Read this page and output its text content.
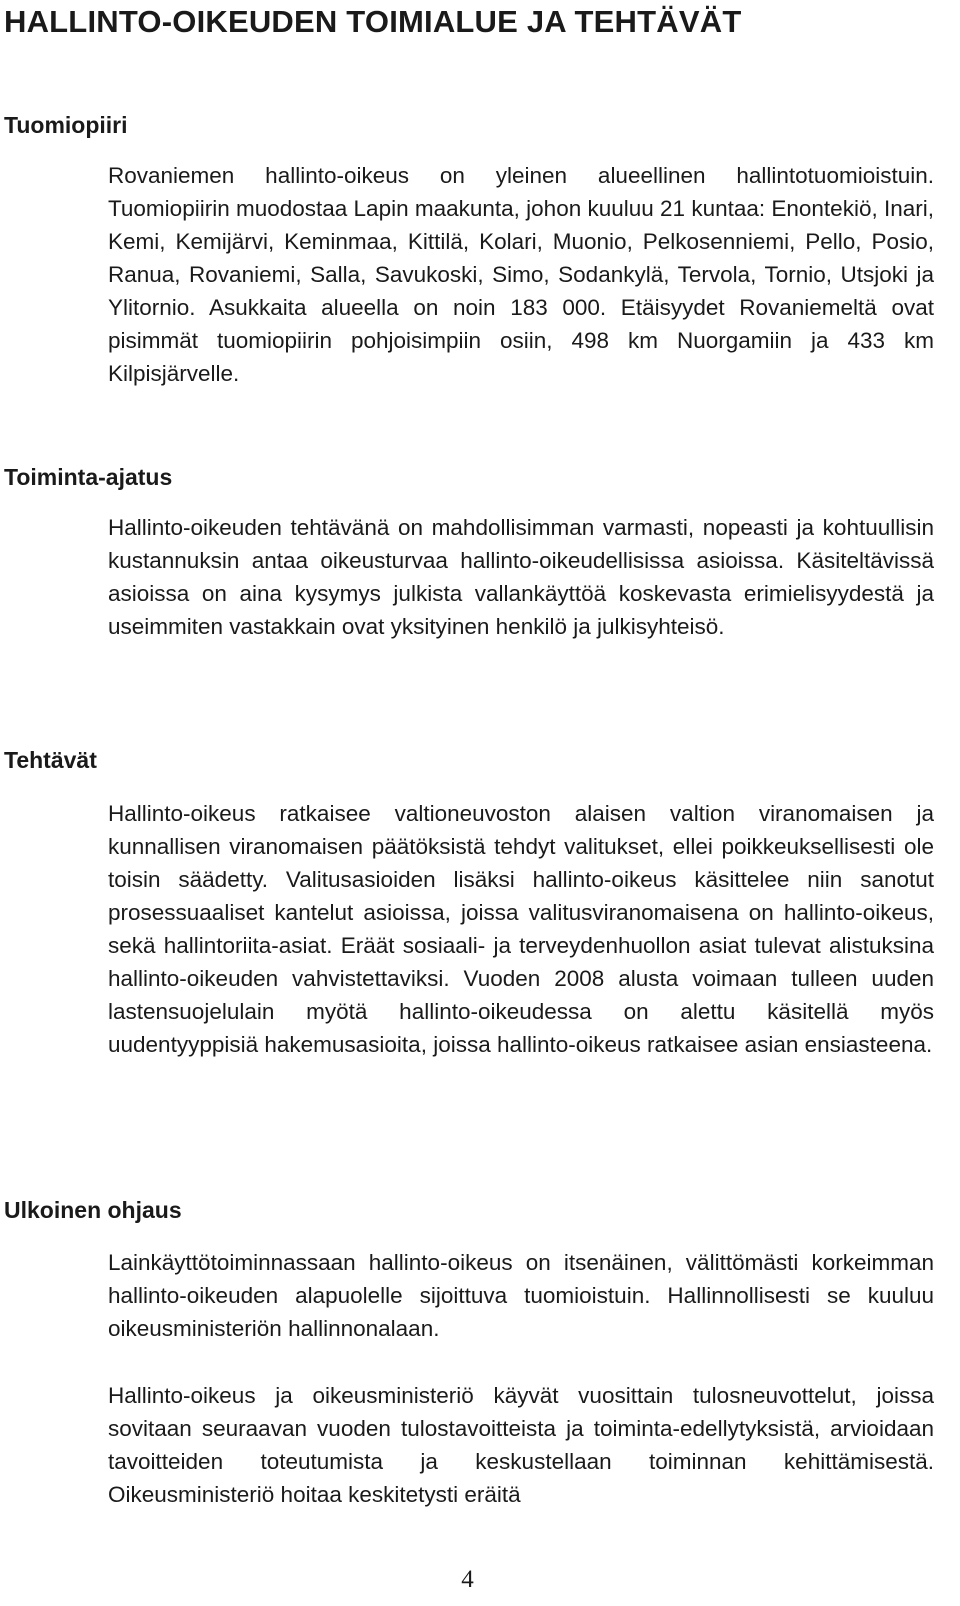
HALLINTO-OIKEUDEN TOIMIALUE JA TEHTÄVÄT
Tuomiopiiri

Rovaniemen hallinto-oikeus on yleinen alueellinen hallintotuomioistuin. Tuomiopiirin muodostaa Lapin maakunta, johon kuuluu 21 kuntaa: Enontekiö, Inari, Kemi, Kemijärvi, Keminmaa, Kittilä, Kolari, Muonio, Pelkosenniemi, Pello, Posio, Ranua, Rovaniemi, Salla, Savukoski, Simo, Sodankylä, Tervola, Tornio, Utsjoki ja Ylitornio. Asukkaita alueella on noin 183 000. Etäisyydet Rovaniemeltä ovat pisimmät tuomiopiirin pohjoisimpiin osiin, 498 km Nuorgamiin ja 433 km Kilpisjärvelle.

Toiminta-ajatus

Hallinto-oikeuden tehtävänä on mahdollisimman varmasti, nopeasti ja kohtuullisin kustannuksin antaa oikeusturvaa hallinto-oikeudellisissa asioissa. Käsiteltävissä asioissa on aina kysymys julkista vallankäyttöä koskevasta erimielisyydestä ja useimmiten vastakkain ovat yksityinen henkilö ja julkisyhteisö.

Tehtävät

Hallinto-oikeus ratkaisee valtioneuvoston alaisen valtion viranomaisen ja kunnallisen viranomaisen päätöksistä tehdyt valitukset, ellei poikkeuksellisesti ole toisin säädetty. Valitusasioiden lisäksi hallinto-oikeus käsittelee niin sanotut prosessuaaliset kantelut asioissa, joissa valitusviranomaisena on hallinto-oikeus, sekä hallintoriita-asiat. Eräät sosiaali- ja terveydenhuollon asiat tulevat alistuksina hallinto-oikeuden vahvistettaviksi. Vuoden 2008 alusta voimaan tulleen uuden lastensuojelulain myötä hallinto-oikeudessa on alettu käsitellä myös uudentyyppisiä hakemusasioita, joissa hallinto-oikeus ratkaisee asian ensiasteena.

Ulkoinen ohjaus

Lainkäyttötoiminnassaan hallinto-oikeus on itsenäinen, välittömästi korkeimman hallinto-oikeuden alapuolelle sijoittuva tuomioistuin. Hallinnollisesti se kuuluu oikeusministeriön hallinnonalaan.

Hallinto-oikeus ja oikeusministeriö käyvät vuosittain tulosneuvottelut, joissa sovitaan seuraavan vuoden tulostavoitteista ja toiminta-edellytyksistä, arvioidaan tavoitteiden toteutumista ja keskustellaan toiminnan kehittämisestä. Oikeusministeriö hoitaa keskitetysti eräitä

4
